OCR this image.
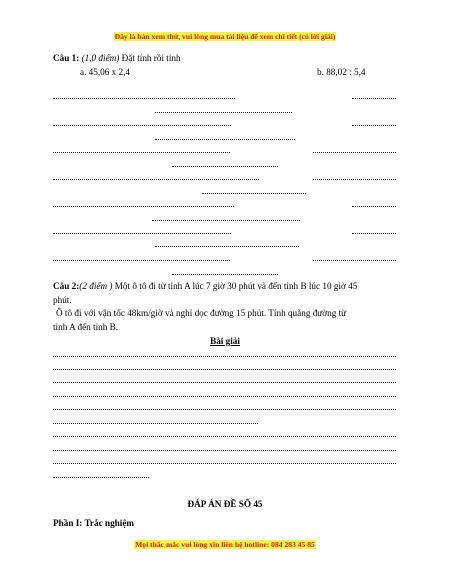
Đây là bản xem thử, vui lòng mua tài liệu để xem chi tiết (có lời giải)
Câu 1: (1,0 điểm) Đặt tính rồi tính
a. 45,06 x 2,4	b. 88,02 : 5,4
Câu 2:(2 điểm ) Một ô tô đi từ tỉnh A lúc 7 giờ 30 phút và đến tỉnh B lúc 10 giờ 45
phút.
Ô tô đi với vận tốc 48km/giờ và nghỉ dọc đường 15 phút. Tính quãng đường từ
tỉnh A đến tỉnh B.
Bài giải
ĐÁP ÁN ĐỀ SỐ 45
Phần I: Trắc nghiệm
Mọi thắc mắc vui lòng xin liên hệ hotline: 084 283 45 85
